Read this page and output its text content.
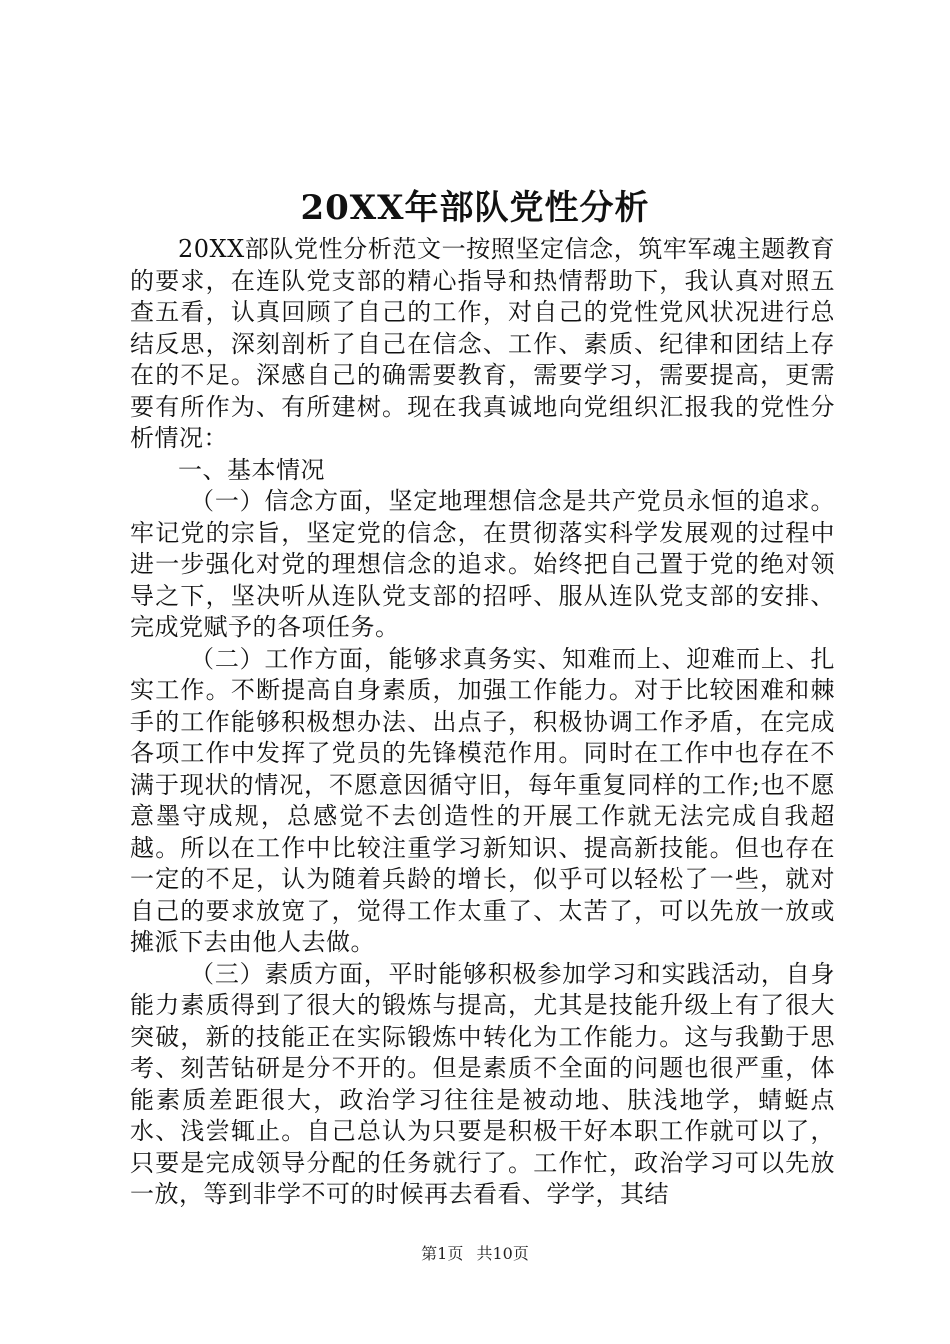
20XX年部队党性分析

20XX部队党性分析范文一按照坚定信念，筑牢军魂主题教育的要求，在连队党支部的精心指导和热情帮助下，我认真对照五查五看，认真回顾了自己的工作，对自己的党性党风状况进行总结反思，深刻剖析了自己在信念、工作、素质、纪律和团结上存在的不足。深感自己的确需要教育，需要学习，需要提高，更需要有所作为、有所建树。现在我真诚地向党组织汇报我的党性分析情况：

一、基本情况

（一）信念方面，坚定地理想信念是共产党员永恒的追求。牢记党的宗旨，坚定党的信念，在贯彻落实科学发展观的过程中进一步强化对党的理想信念的追求。始终把自己置于党的绝对领导之下，坚决听从连队党支部的招呼、服从连队党支部的安排、完成党赋予的各项任务。

（二）工作方面，能够求真务实、知难而上、迎难而上、扎实工作。不断提高自身素质，加强工作能力。对于比较困难和棘手的工作能够积极想办法、出点子，积极协调工作矛盾，在完成各项工作中发挥了党员的先锋模范作用。同时在工作中也存在不满于现状的情况，不愿意因循守旧，每年重复同样的工作;也不愿意墨守成规，总感觉不去创造性的开展工作就无法完成自我超越。所以在工作中比较注重学习新知识、提高新技能。但也存在一定的不足，认为随着兵龄的增长，似乎可以轻松了一些，就对自己的要求放宽了，觉得工作太重了、太苦了，可以先放一放或摊派下去由他人去做。

（三）素质方面，平时能够积极参加学习和实践活动，自身能力素质得到了很大的锻炼与提高，尤其是技能升级上有了很大突破，新的技能正在实际锻炼中转化为工作能力。这与我勤于思考、刻苦钻研是分不开的。但是素质不全面的问题也很严重，体能素质差距很大，政治学习往往是被动地、肤浅地学，蜻蜓点水、浅尝辄止。自己总认为只要是积极干好本职工作就可以了，只要是完成领导分配的任务就行了。工作忙，政治学习可以先放一放，等到非学不可的时候再去看看、学学，其结

第1页 共10页
